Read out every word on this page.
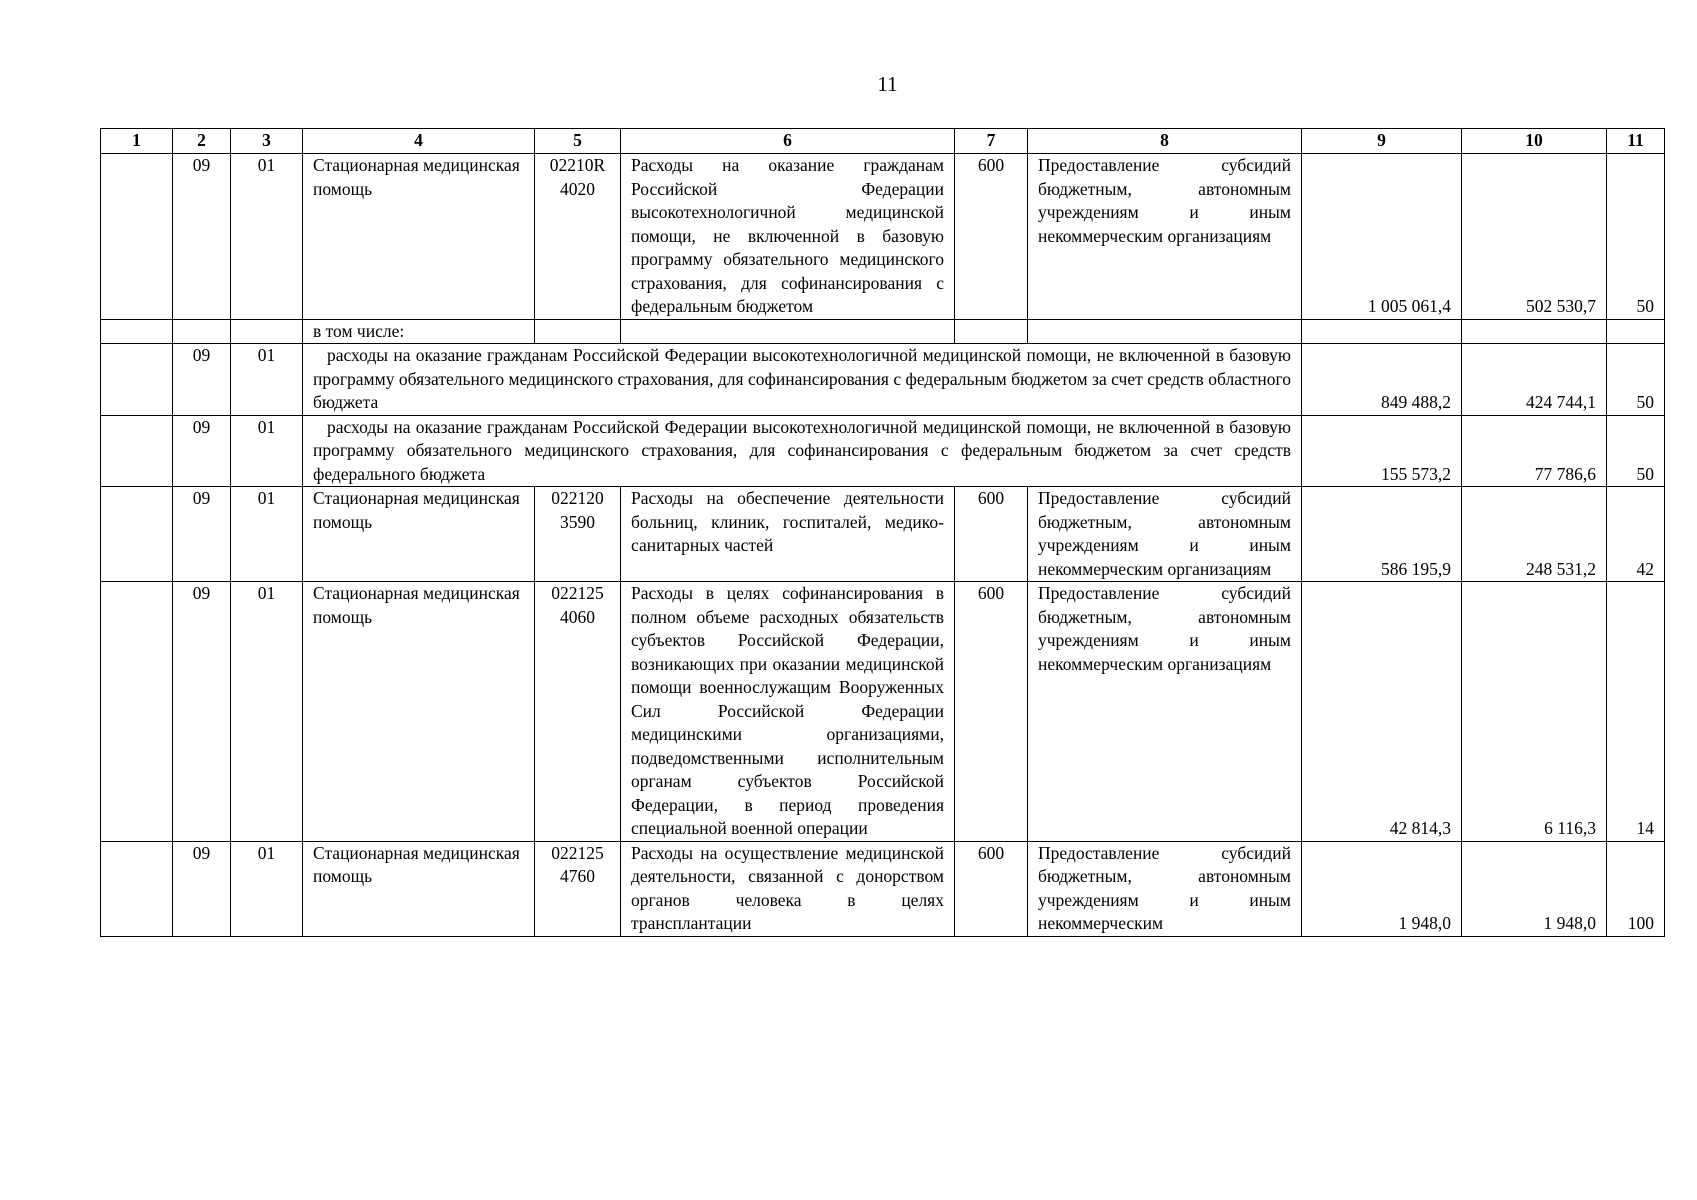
11
1	2	3	4	5	6	7	8	9	10	11
	09	01	Стационарная медицинская помощь	02210R 4020	Расходы на оказание гражданам Российской Федерации высокотехнологичной медицинской помощи, не включенной в базовую программу обязательного медицинского страхования, для софинансирования с федеральным бюджетом	600	Предоставление субсидий бюджетным, автономным учреждениям и иным некоммерческим организациям	1 005 061,4	502 530,7	50
			в том числе:							
	09	01	расходы на оказание гражданам Российской Федерации высокотехнологичной медицинской помощи, не включенной в базовую программу обязательного медицинского страхования, для софинансирования с федеральным бюджетом за счет средств областного бюджета					849 488,2	424 744,1	50
	09	01	расходы на оказание гражданам Российской Федерации высокотехнологичной медицинской помощи, не включенной в базовую программу обязательного медицинского страхования, для софинансирования с федеральным бюджетом за счет средств федерального бюджета					155 573,2	77 786,6	50
	09	01	Стационарная медицинская помощь	022120 3590	Расходы на обеспечение деятельности больниц, клиник, госпиталей, медико-санитарных частей	600	Предоставление субсидий бюджетным, автономным учреждениям и иным некоммерческим организациям	586 195,9	248 531,2	42
	09	01	Стационарная медицинская помощь	022125 4060	Расходы в целях софинансирования в полном объеме расходных обязательств субъектов Российской Федерации, возникающих при оказании медицинской помощи военнослужащим Вооруженных Сил Российской Федерации медицинскими организациями, подведомственными исполнительным органам субъектов Российской Федерации, в период проведения специальной военной операции	600	Предоставление субсидий бюджетным, автономным учреждениям и иным некоммерческим организациям	42 814,3	6 116,3	14
	09	01	Стационарная медицинская помощь	022125 4760	Расходы на осуществление медицинской деятельности, связанной с донорством органов человека в целях трансплантации	600	Предоставление субсидий бюджетным, автономным учреждениям и иным некоммерческим	1 948,0	1 948,0	100
